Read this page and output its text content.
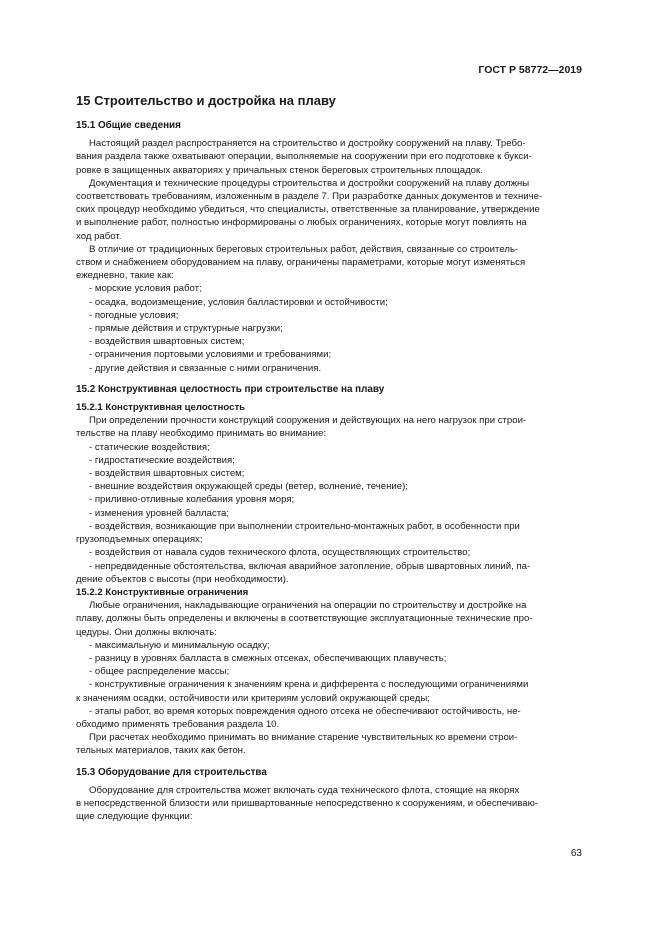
ГОСТ Р 58772—2019
15 Строительство и достройка на плаву

15.1 Общие сведения

Настоящий раздел распространяется на строительство и достройку сооружений на плаву. Требо-
вания раздела также охватывают операции, выполняемые на сооружении при его подготовке к букси-
ровке в защищенных акваториях у причальных стенок береговых строительных площадок.
Документация и технические процедуры строительства и достройки сооружений на плаву должны
соответствовать требованиям, изложенным в разделе 7. При разработке данных документов и техниче-
ских процедур необходимо убедиться, что специалисты, ответственные за планирование, утверждение
и выполнение работ, полностью информированы о любых ограничениях, которые могут повлиять на
ход работ.
В отличие от традиционных береговых строительных работ, действия, связанные со строитель-
ством и снабжением оборудованием на плаву, ограничены параметрами, которые могут изменяться
ежедневно, такие как:
- морские условия работ;
- осадка, водоизмещение, условия балластировки и остойчивости;
- погодные условия;
- прямые действия и структурные нагрузки;
- воздействия швартовных систем;
- ограничения портовыми условиями и требованиями;
- другие действия и связанные с ними ограничения.

15.2 Конструктивная целостность при строительстве на плаву

15.2.1 Конструктивная целостность

При определении прочности конструкций сооружения и действующих на него нагрузок при строи-
тельстве на плаву необходимо принимать во внимание:
- статические воздействия;
- гидростатические воздействия;
- воздействия швартовных систем;
- внешние воздействия окружающей среды (ветер, волнение, течение);
- приливно-отливные колебания уровня моря;
- изменения уровней балласта;
- воздействия, возникающие при выполнении строительно-монтажных работ, в особенности при
грузоподъемных операциях;
- воздействия от навала судов технического флота, осуществляющих строительство;
- непредвиденные обстоятельства, включая аварийное затопление, обрыв швартовных линий, па-
дение объектов с высоты (при необходимости).

15.2.2 Конструктивные ограничения

Любые ограничения, накладывающие ограничения на операции по строительству и достройке на
плаву, должны быть определены и включены в соответствующие эксплуатационные технические про-
цедуры. Они должны включать:
- максимальную и минимальную осадку;
- разницу в уровнях балласта в смежных отсеках, обеспечивающих плавучесть;
- общее распределение массы;
- конструктивные ограничения к значениям крена и дифферента с последующими ограничениями
к значениям осадки, остойчивости или критериям условий окружающей среды;
- этапы работ, во время которых повреждения одного отсека не обеспечивают остойчивость, не-
обходимо применять требования раздела 10.
При расчетах необходимо принимать во внимание старение чувствительных ко времени строи-
тельных материалов, таких как бетон.

15.3 Оборудование для строительства

Оборудование для строительства может включать суда технического флота, стоящие на якорях
в непосредственной близости или пришвартованные непосредственно к сооружениям, и обеспечиваю-
щие следующие функции:
63
